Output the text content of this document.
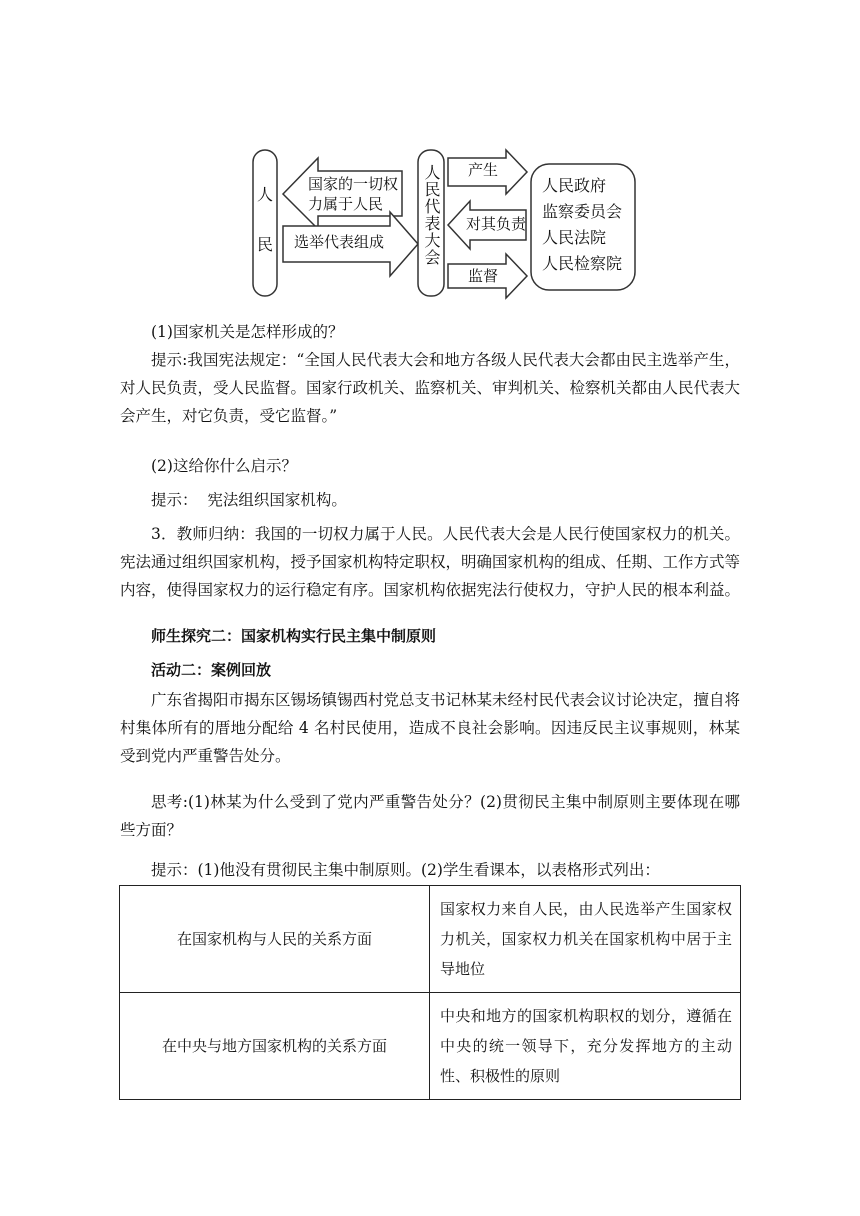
人
民
国家的一切权
力属于人民
选举代表组成 人民代表大会 产生
对其负责
监督
人民政府
监察委员会
人民法院
人民检察院

(1)国家机关是怎样形成的？

提示:我国宪法规定：“全国人民代表大会和地方各级人民代表大会都由民主选举产生，对人民负责，受人民监督。国家行政机关、监察机关、审判机关、检察机关都由人民代表大会产生，对它负责，受它监督。”

(2)这给你什么启示？

提示：  宪法组织国家机构。

3．教师归纳：我国的一切权力属于人民。人民代表大会是人民行使国家权力的机关。宪法通过组织国家机构，授予国家机构特定职权，明确国家机构的组成、任期、工作方式等内容，使得国家权力的运行稳定有序。国家机构依据宪法行使权力，守护人民的根本利益。

师生探究二：国家机构实行民主集中制原则

活动二：案例回放

广东省揭阳市揭东区锡场镇锡西村党总支书记林某未经村民代表会议讨论决定，擅自将村集体所有的厝地分配给 4 名村民使用，造成不良社会影响。因违反民主议事规则，林某受到党内严重警告处分。

思考:(1)林某为什么受到了党内严重警告处分？(2)贯彻民主集中制原则主要体现在哪些方面？

提示：(1)他没有贯彻民主集中制原则。(2)学生看课本，以表格形式列出：

在国家机构与人民的关系方面	国家权力来自人民，由人民选举产生国家权力机关，国家权力机关在国家机构中居于主导地位
在中央与地方国家机构的关系方面	中央和地方的国家机构职权的划分，遵循在中央的统一领导下，充分发挥地方的主动性、积极性的原则
